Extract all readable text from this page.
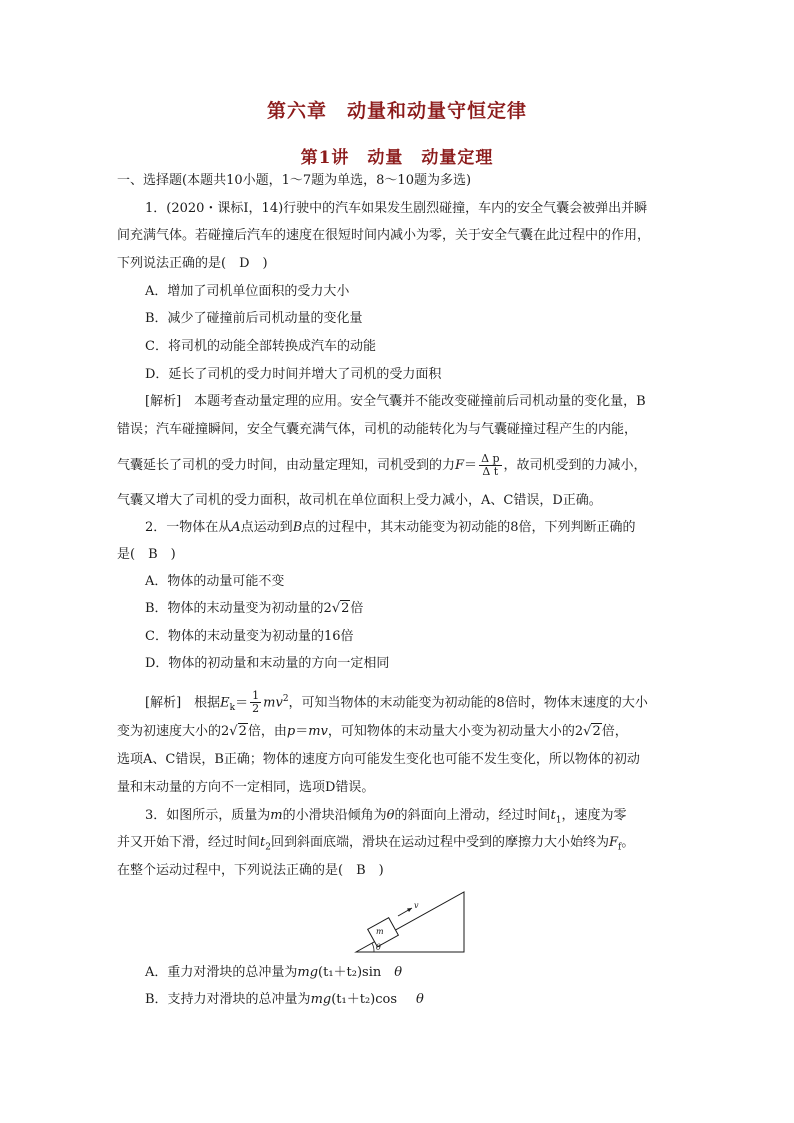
第六章　动量和动量守恒定律
第1讲　动量　动量定理
一、选择题(本题共10小题，1～7题为单选，8～10题为多选)
1．(2020・课标Ⅰ，14)行驶中的汽车如果发生剧烈碰撞，车内的安全气囊会被弹出并瞬
间充满气体。若碰撞后汽车的速度在很短时间内减小为零，关于安全气囊在此过程中的作用，
下列说法正确的是(　D　)
A．增加了司机单位面积的受力大小
B．减少了碰撞前后司机动量的变化量
C．将司机的动能全部转换成汽车的动能
D．延长了司机的受力时间并增大了司机的受力面积
[解析]　本题考查动量定理的应用。安全气囊并不能改变碰撞前后司机动量的变化量，B
错误；汽车碰撞瞬间，安全气囊充满气体，司机的动能转化为与气囊碰撞过程产生的内能，
气囊延长了司机的受力时间，由动量定理知，司机受到的力$F= \frac{\text{Δ p}}{\text{Δ t}}$ ，故司机受到的力减小，
气囊又增大了司机的受力面积，故司机在单位面积上受力减小，A、C错误，D正确。
2．一物体在从A点运动到B点的过程中，其末动能变为初动能的8倍，下列判断正确的
是(　B　)
A．物体的动量可能不变
B．物体的末动量变为初动量的2√2倍
C．物体的末动量变为初动量的16倍
D．物体的初动量和末动量的方向一定相同
[解析]　根据$E_k= \frac{1}{2} mv^2$，可知当物体的末动能变为初动能的8倍时，物体末速度的大小
变为初速度大小的2√2倍，由p＝mv，可知物体的末动量大小变为初动量大小的2√2倍，
选项A、C错误，B正确；物体的速度方向可能发生变化也可能不发生变化，所以物体的初动
量和末动量的方向不一定相同，选项D错误。
3．如图所示，质量为m的小滑块沿倾角为θ的斜面向上滑动，经过时间$t_1$，速度为零
并又开始下滑，经过时间$t_2$回到斜面底端，滑块在运动过程中受到的摩擦力大小始终为$F_f$。
在整个运动过程中，下列说法正确的是(　B　)
m
v
θ
A．重力对滑块的总冲量为mg(t₁＋t₂)sin　θ
B．支持力对滑块的总冲量为mg(t₁＋t₂)cos　θ
